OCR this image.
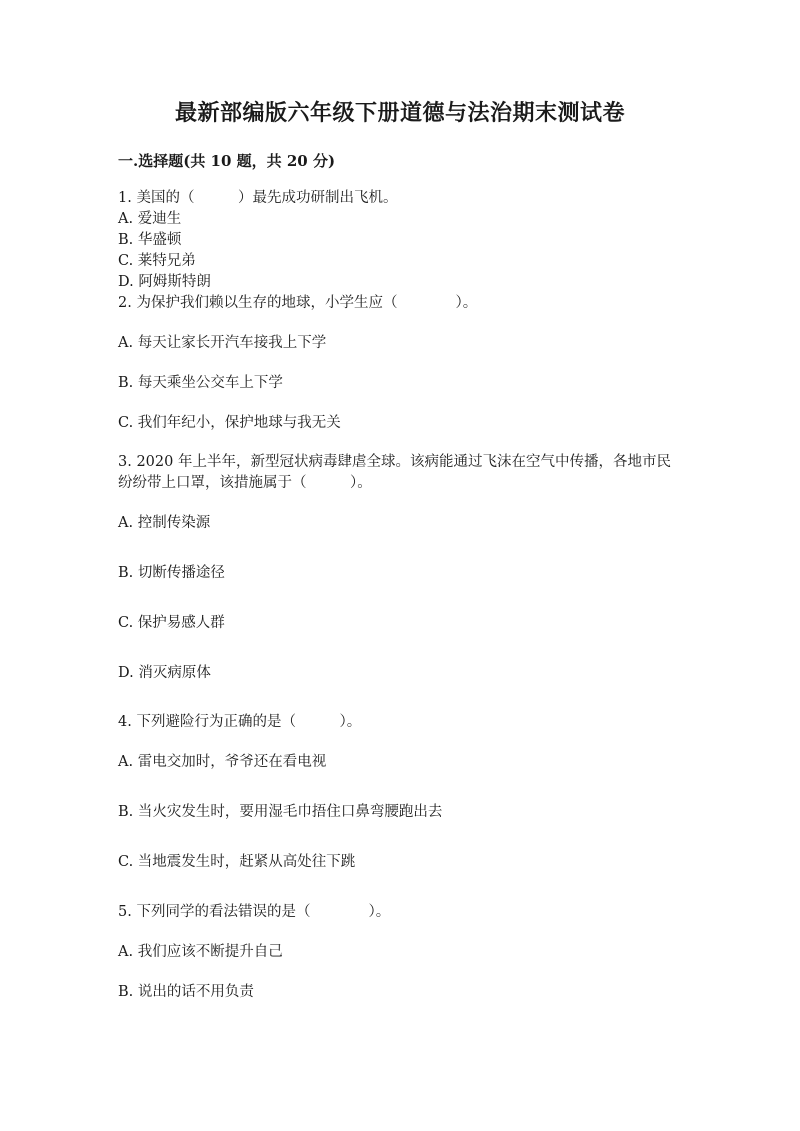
最新部编版六年级下册道德与法治期末测试卷
一.选择题(共 10 题，共 20 分)
1. 美国的（　　　）最先成功研制出飞机。
A. 爱迪生
B. 华盛顿
C. 莱特兄弟
D. 阿姆斯特朗
2. 为保护我们赖以生存的地球，小学生应（　　　　）。
A. 每天让家长开汽车接我上下学
B. 每天乘坐公交车上下学
C. 我们年纪小，保护地球与我无关
3. 2020 年上半年，新型冠状病毒肆虐全球。该病能通过飞沫在空气中传播，各地市民纷纷带上口罩，该措施属于（　　　）。
A. 控制传染源
B. 切断传播途径
C. 保护易感人群
D. 消灭病原体
4. 下列避险行为正确的是（　　　）。
A. 雷电交加时，爷爷还在看电视
B. 当火灾发生时，要用湿毛巾捂住口鼻弯腰跑出去
C. 当地震发生时，赶紧从高处往下跳
5. 下列同学的看法错误的是（　　　　）。
A. 我们应该不断提升自己
B. 说出的话不用负责
